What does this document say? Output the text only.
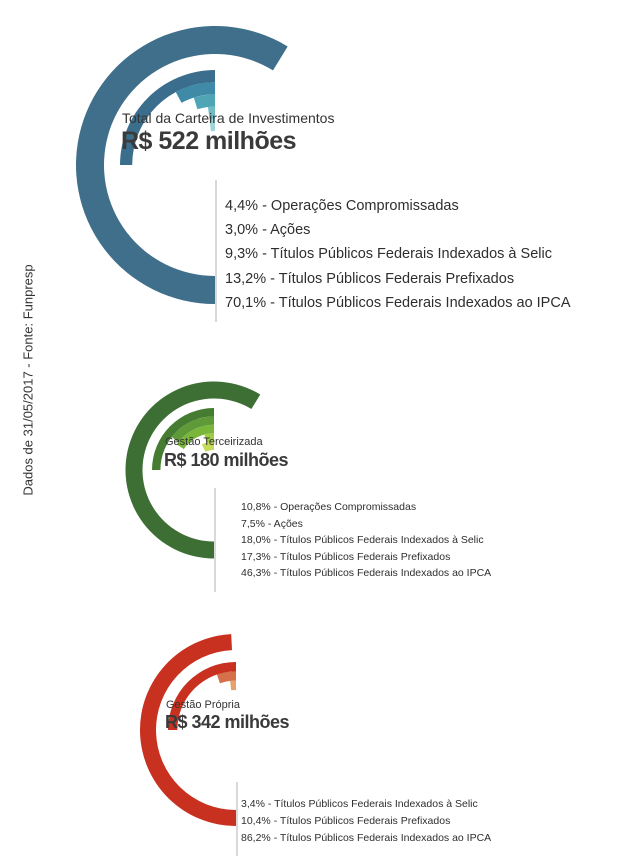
Total da Carteira de Investimentos
R$ 522 milhões
4,4% - Operações Compromissadas
3,0% - Ações
9,3% - Títulos Públicos Federais Indexados à Selic
13,2% - Títulos Públicos Federais Prefixados
70,1% - Títulos Públicos Federais Indexados ao IPCA
Gestão Terceirizada
R$ 180 milhões
10,8% - Operações Compromissadas
7,5% - Ações
18,0% - Títulos Públicos Federais Indexados à Selic
17,3% - Títulos Públicos Federais Prefixados
46,3% - Títulos Públicos Federais Indexados ao IPCA
Gestão Própria
R$ 342 milhões
3,4% - Títulos Públicos Federais Indexados à Selic
10,4% - Títulos Públicos Federais Prefixados
86,2% - Títulos Públicos Federais Indexados ao IPCA
Dados de 31/05/2017 - Fonte: Funpresp
